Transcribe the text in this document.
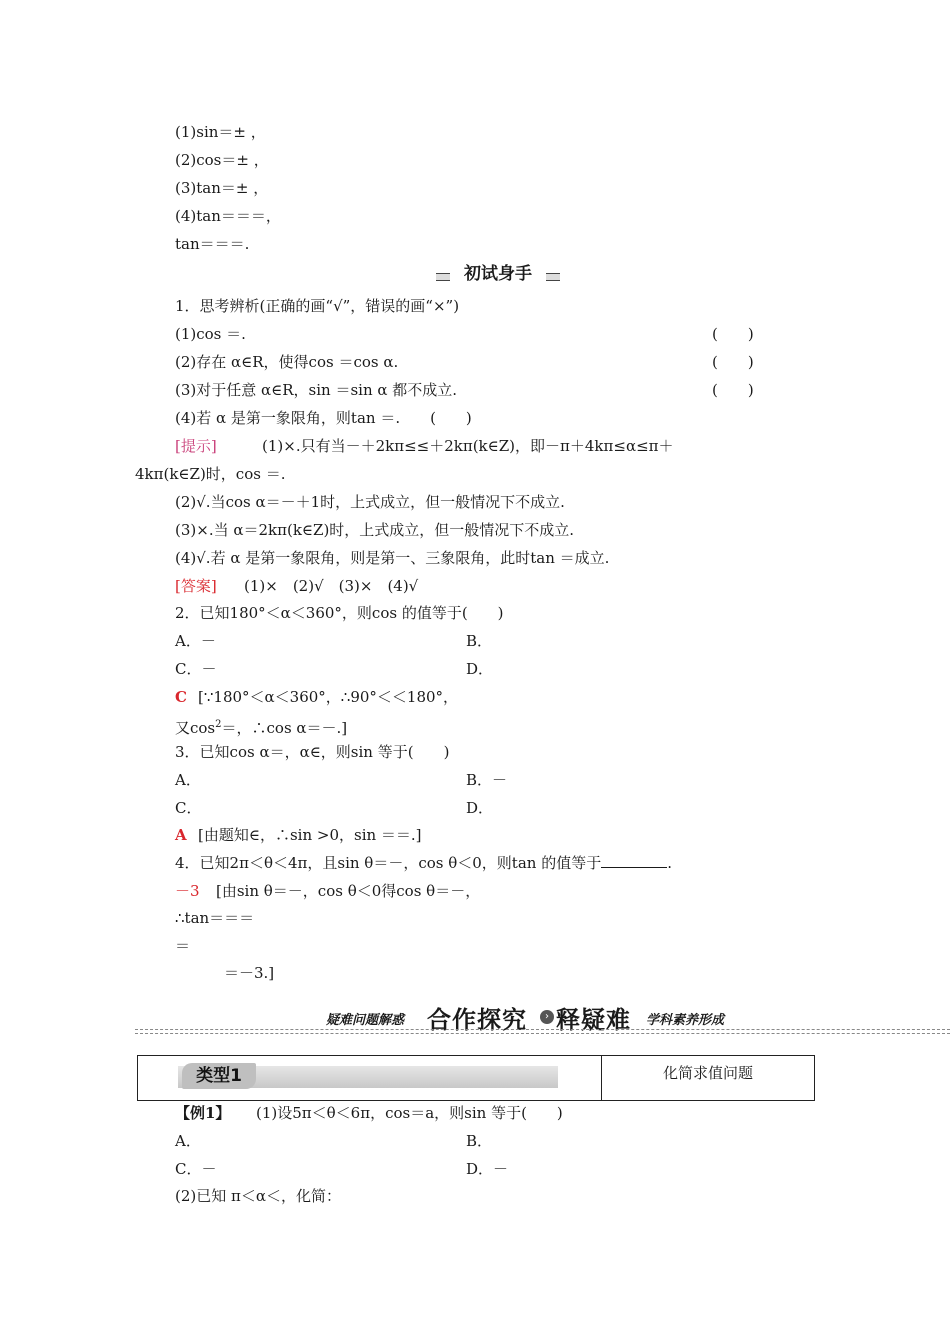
(1)sin＝± ，
(2)cos＝± ，
(3)tan＝± ，
(4)tan＝＝＝，
tan＝＝＝.
初试身手
1．思考辨析(正确的画“√”，错误的画“×”)
(1)cos ＝.	(　　)
(2)存在 α∈R，使得cos ＝cos α.	(　　)
(3)对于任意 α∈R，sin ＝sin α 都不成立.	(　　)
(4)若 α 是第一象限角，则tan ＝.　　(　　)
[提示]	(1)×.只有当－＋2kπ≤≤＋2kπ(k∈Z)，即－π＋4kπ≤α≤π＋
4kπ(k∈Z)时，cos ＝.
(2)√.当cos α＝－＋1时，上式成立，但一般情况下不成立.
(3)×.当 α＝2kπ(k∈Z)时，上式成立，但一般情况下不成立.
(4)√.若 α 是第一象限角，则是第一、三象限角，此时tan ＝成立.
[答案] (1)×　(2)√　(3)×　(4)√
2．已知180°＜α＜360°，则cos 的值等于(　　)
A．－	B．
C．－	D．
C [∵180°＜α＜360°，∴90°＜＜180°，
又$\cos^2=$，∴cos α＝－.]
3．已知cos α＝，α∈，则sin 等于(　　)
A．	B．－
C．	D．
A [由题知∈，∴sin >0，sin ＝＝.]
4．已知2π＜θ＜4π，且sin θ＝－，cos θ＜0，则tan 的值等于	.
－3 [由sin θ＝－，cos θ＜0得cos θ＝－，
∴tan＝＝＝
＝
＝－3.]
疑难问题解惑 合作探究	› 释疑难 学科素养形成
类型1	化简求值问题
【例1】 (1)设5π＜θ＜6π，cos＝a，则sin 等于(　　)
A．	B．
C．－	D．－
(2)已知 π＜α＜，化简：
